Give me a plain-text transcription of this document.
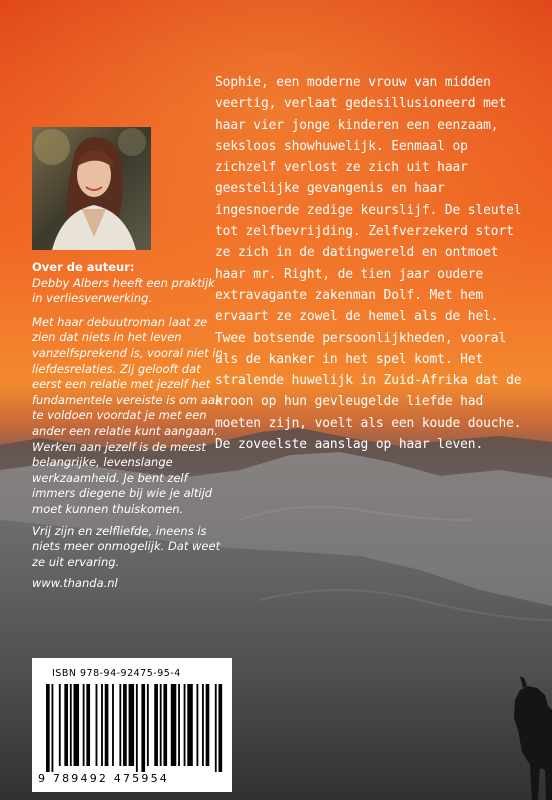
Over de auteur:

Debby Albers heeft een praktijk in verliesverwerking.

Met haar debuutroman laat ze zien dat niets in het leven vanzelfsprekend is, vooral niet in liefdesrelaties. Zij gelooft dat eerst een relatie met jezelf het fundamentele vereiste is om aan te voldoen voordat je met een ander een relatie kunt aangaan. Werken aan jezelf is de meest belangrijke, levenslange werkzaamheid. Je bent zelf immers diegene bij wie je altijd moet kunnen thuiskomen.

Vrij zijn en zelfliefde, ineens is niets meer onmogelijk. Dat weet ze uit ervaring.

www.thanda.nl

Sophie, een moderne vrouw van midden veertig, verlaat gedesillusioneerd met haar vier jonge kinderen een eenzaam, seksloos showhuwelijk. Eenmaal op zichzelf verlost ze zich uit haar geestelijke gevangenis en haar ingesnoerde zedige keurslijf. De sleutel tot zelfbevrijding. Zelfverzekerd stort ze zich in de datingwereld en ontmoet haar mr. Right, de tien jaar oudere extravagante zakenman Dolf. Met hem ervaart ze zowel de hemel als de hel. Twee botsende persoonlijkheden, vooral als de kanker in het spel komt. Het stralende huwelijk in Zuid-Afrika dat de kroon op hun gevleugelde liefde had moeten zijn, voelt als een koude douche. De zoveelste aanslag op haar leven.

ISBN 978-94-92475-95-4
9 789492 475954
